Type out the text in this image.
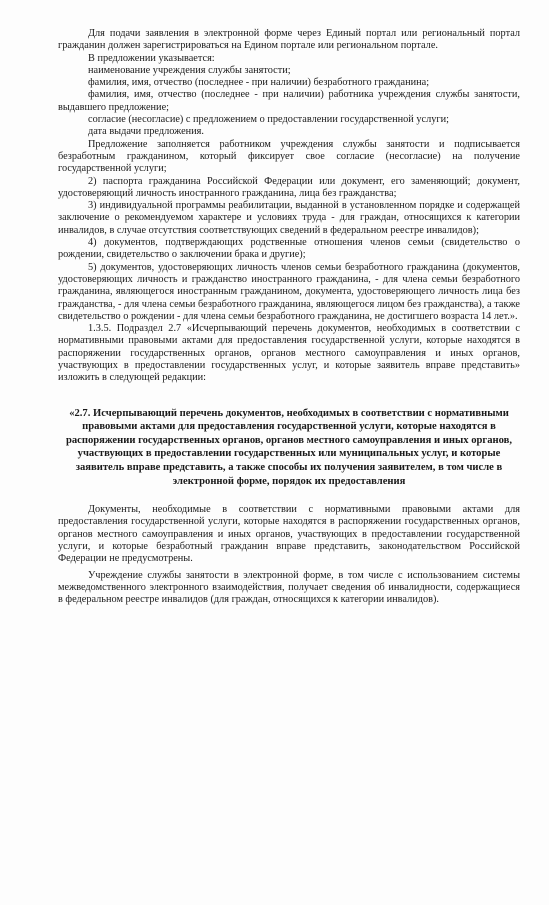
Для подачи заявления в электронной форме через Единый портал или региональный портал гражданин должен зарегистрироваться на Едином портале или региональном портале.

В предложении указывается:

наименование учреждения службы занятости;

фамилия, имя, отчество (последнее - при наличии) безработного гражданина;

фамилия, имя, отчество (последнее - при наличии) работника учреждения службы занятости, выдавшего предложение;

согласие (несогласие) с предложением о предоставлении государственной услуги;

дата выдачи предложения.

Предложение заполняется работником учреждения службы занятости и подписывается безработным гражданином, который фиксирует свое согласие (несогласие) на получение государственной услуги;

2) паспорта гражданина Российской Федерации или документ, его заменяющий; документ, удостоверяющий личность иностранного гражданина, лица без гражданства;

3) индивидуальной программы реабилитации, выданной в установленном порядке и содержащей заключение о рекомендуемом характере и условиях труда - для граждан, относящихся к категории инвалидов, в случае отсутствия соответствующих сведений в федеральном реестре инвалидов);

4) документов, подтверждающих родственные отношения членов семьи (свидетельство о рождении, свидетельство о заключении брака и другие);

5) документов, удостоверяющих личность членов семьи безработного гражданина (документов, удостоверяющих личность и гражданство иностранного гражданина, - для члена семьи безработного гражданина, являющегося иностранным гражданином, документа, удостоверяющего личность лица без гражданства, - для члена семьи безработного гражданина, являющегося лицом без гражданства), а также свидетельство о рождении - для члена семьи безработного гражданина, не достигшего возраста 14 лет.».

1.3.5. Подраздел 2.7 «Исчерпывающий перечень документов, необходимых в соответствии с нормативными правовыми актами для предоставления государственной услуги, которые находятся в распоряжении государственных органов, органов местного самоуправления и иных органов, участвующих в предоставлении государственных услуг, и которые заявитель вправе представить» изложить в следующей редакции:

«2.7. Исчерпывающий перечень документов, необходимых в соответствии с нормативными правовыми актами для предоставления государственной услуги, которые находятся в распоряжении государственных органов, органов местного самоуправления и иных органов, участвующих в предоставлении государственных или муниципальных услуг, и которые заявитель вправе представить, а также способы их получения заявителем, в том числе в электронной форме, порядок их предоставления

Документы, необходимые в соответствии с нормативными правовыми актами для предоставления государственной услуги, которые находятся в распоряжении государственных органов, органов местного самоуправления и иных органов, участвующих в предоставлении государственной услуги, и которые безработный гражданин вправе представить, законодательством Российской Федерации не предусмотрены.

Учреждение службы занятости в электронной форме, в том числе с использованием системы межведомственного электронного взаимодействия, получает сведения об инвалидности, содержащиеся в федеральном реестре инвалидов (для граждан, относящихся к категории инвалидов).
